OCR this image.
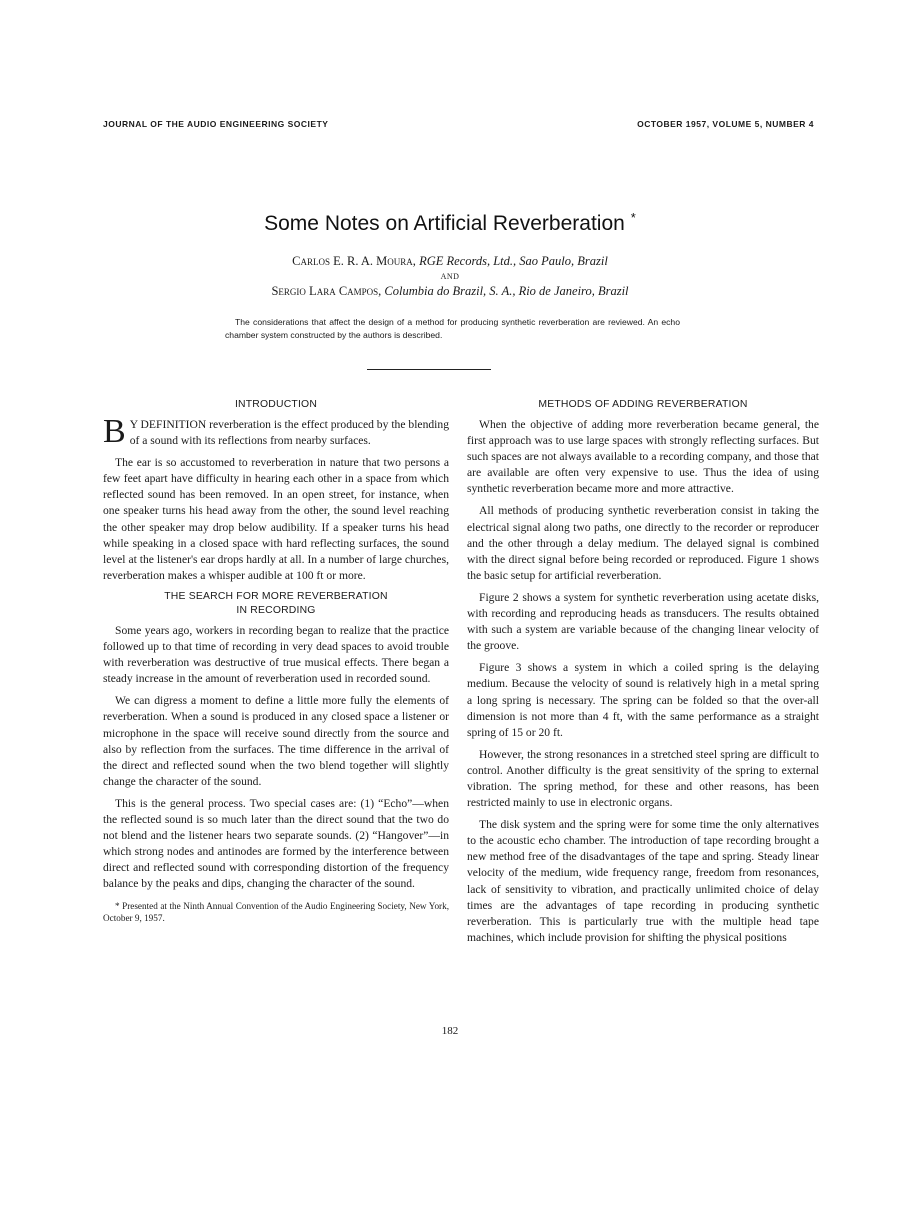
JOURNAL OF THE AUDIO ENGINEERING SOCIETY	OCTOBER 1957, VOLUME 5, NUMBER 4
Some Notes on Artificial Reverberation *
Carlos E. R. A. Moura, RGE Records, Ltd., Sao Paulo, Brazil
AND
Sergio Lara Campos, Columbia do Brazil, S. A., Rio de Janeiro, Brazil
The considerations that affect the design of a method for producing synthetic reverberation are reviewed. An echo chamber system constructed by the authors is described.
INTRODUCTION

B Y DEFINITION reverberation is the effect produced by the blending of a sound with its reflections from nearby surfaces.

The ear is so accustomed to reverberation in nature that two persons a few feet apart have difficulty in hearing each other in a space from which reflected sound has been removed. In an open street, for instance, when one speaker turns his head away from the other, the sound level reaching the other speaker may drop below audibility. If a speaker turns his head while speaking in a closed space with hard reflecting surfaces, the sound level at the listener's ear drops hardly at all. In a number of large churches, reverberation makes a whisper audible at 100 ft or more.

THE SEARCH FOR MORE REVERBERATION
IN RECORDING

Some years ago, workers in recording began to realize that the practice followed up to that time of recording in very dead spaces to avoid trouble with reverberation was destructive of true musical effects. There began a steady increase in the amount of reverberation used in recorded sound.

We can digress a moment to define a little more fully the elements of reverberation. When a sound is produced in any closed space a listener or microphone in the space will receive sound directly from the source and also by reflection from the surfaces. The time difference in the arrival of the direct and reflected sound when the two blend together will slightly change the character of the sound.

This is the general process. Two special cases are: (1) “Echo”—when the reflected sound is so much later than the direct sound that the two do not blend and the listener hears two separate sounds. (2) “Hangover”—in which strong nodes and antinodes are formed by the interference between direct and reflected sound with corresponding distortion of the frequency balance by the peaks and dips, changing the character of the sound.

* Presented at the Ninth Annual Convention of the Audio Engineering Society, New York, October 9, 1957.
METHODS OF ADDING REVERBERATION

When the objective of adding more reverberation became general, the first approach was to use large spaces with strongly reflecting surfaces. But such spaces are not always available to a recording company, and those that are available are often very expensive to use. Thus the idea of using synthetic reverberation became more and more attractive.

All methods of producing synthetic reverberation consist in taking the electrical signal along two paths, one directly to the recorder or reproducer and the other through a delay medium. The delayed signal is combined with the direct signal before being recorded or reproduced. Figure 1 shows the basic setup for artificial reverberation.

Figure 2 shows a system for synthetic reverberation using acetate disks, with recording and reproducing heads as transducers. The results obtained with such a system are variable because of the changing linear velocity of the groove.

Figure 3 shows a system in which a coiled spring is the delaying medium. Because the velocity of sound is relatively high in a metal spring a long spring is necessary. The spring can be folded so that the over-all dimension is not more than 4 ft, with the same performance as a straight spring of 15 or 20 ft.

However, the strong resonances in a stretched steel spring are difficult to control. Another difficulty is the great sensitivity of the spring to external vibration. The spring method, for these and other reasons, has been restricted mainly to use in electronic organs.

The disk system and the spring were for some time the only alternatives to the acoustic echo chamber. The introduction of tape recording brought a new method free of the disadvantages of the tape and spring. Steady linear velocity of the medium, wide frequency range, freedom from resonances, lack of sensitivity to vibration, and practically unlimited choice of delay times are the advantages of tape recording in producing synthetic reverberation. This is particularly true with the multiple head tape machines, which include provision for shifting the physical positions

182
